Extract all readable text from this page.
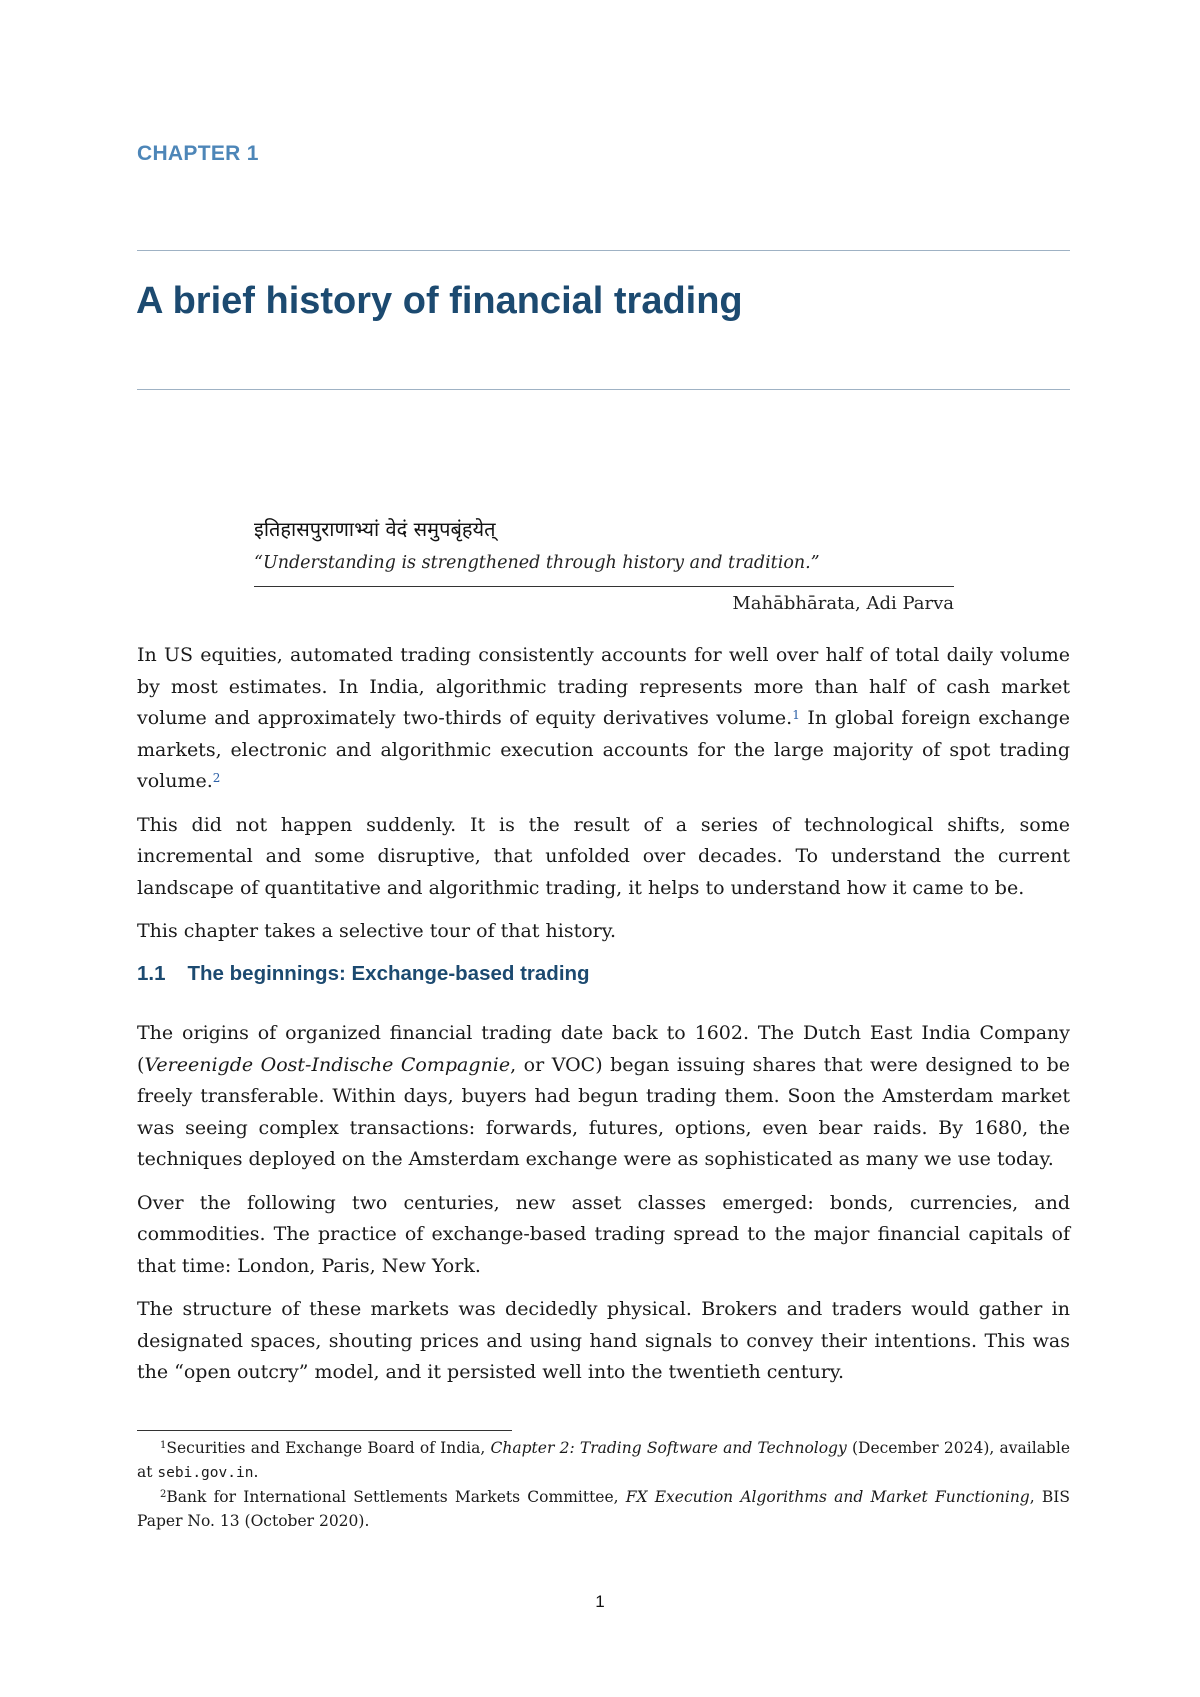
CHAPTER 1
A brief history of financial trading
इतिहासपुराणाभ्यां वेदं समुपबृंहयेत्
“Understanding is strengthened through history and tradition.”
Mahābhārata, Adi Parva

In US equities, automated trading consistently accounts for well over half of total daily volume by most estimates. In India, algorithmic trading represents more than half of cash market volume and approximately two-thirds of equity derivatives volume.$^1$ In global foreign exchange markets, electronic and algorithmic execution accounts for the large majority of spot trading volume.$^2$

This did not happen suddenly. It is the result of a series of technological shifts, some incremental and some disruptive, that unfolded over decades. To understand the current landscape of quantitative and algorithmic trading, it helps to understand how it came to be.

This chapter takes a selective tour of that history.

1.1 The beginnings: Exchange-based trading

The origins of organized financial trading date back to 1602. The Dutch East India Company (Vereenigde Oost-Indische Compagnie, or VOC) began issuing shares that were designed to be freely transferable. Within days, buyers had begun trading them. Soon the Amsterdam market was seeing complex transactions: forwards, futures, options, even bear raids. By 1680, the techniques deployed on the Amsterdam exchange were as sophisticated as many we use today.

Over the following two centuries, new asset classes emerged: bonds, currencies, and commodities. The practice of exchange-based trading spread to the major financial capitals of that time: London, Paris, New York.

The structure of these markets was decidedly physical. Brokers and traders would gather in designated spaces, shouting prices and using hand signals to convey their intentions. This was the “open outcry” model, and it persisted well into the twentieth century.

$^1$Securities and Exchange Board of India, Chapter 2: Trading Software and Technology (December 2024), available at sebi.gov.in.

$^2$Bank for International Settlements Markets Committee, FX Execution Algorithms and Market Functioning, BIS Paper No. 13 (October 2020).

1
